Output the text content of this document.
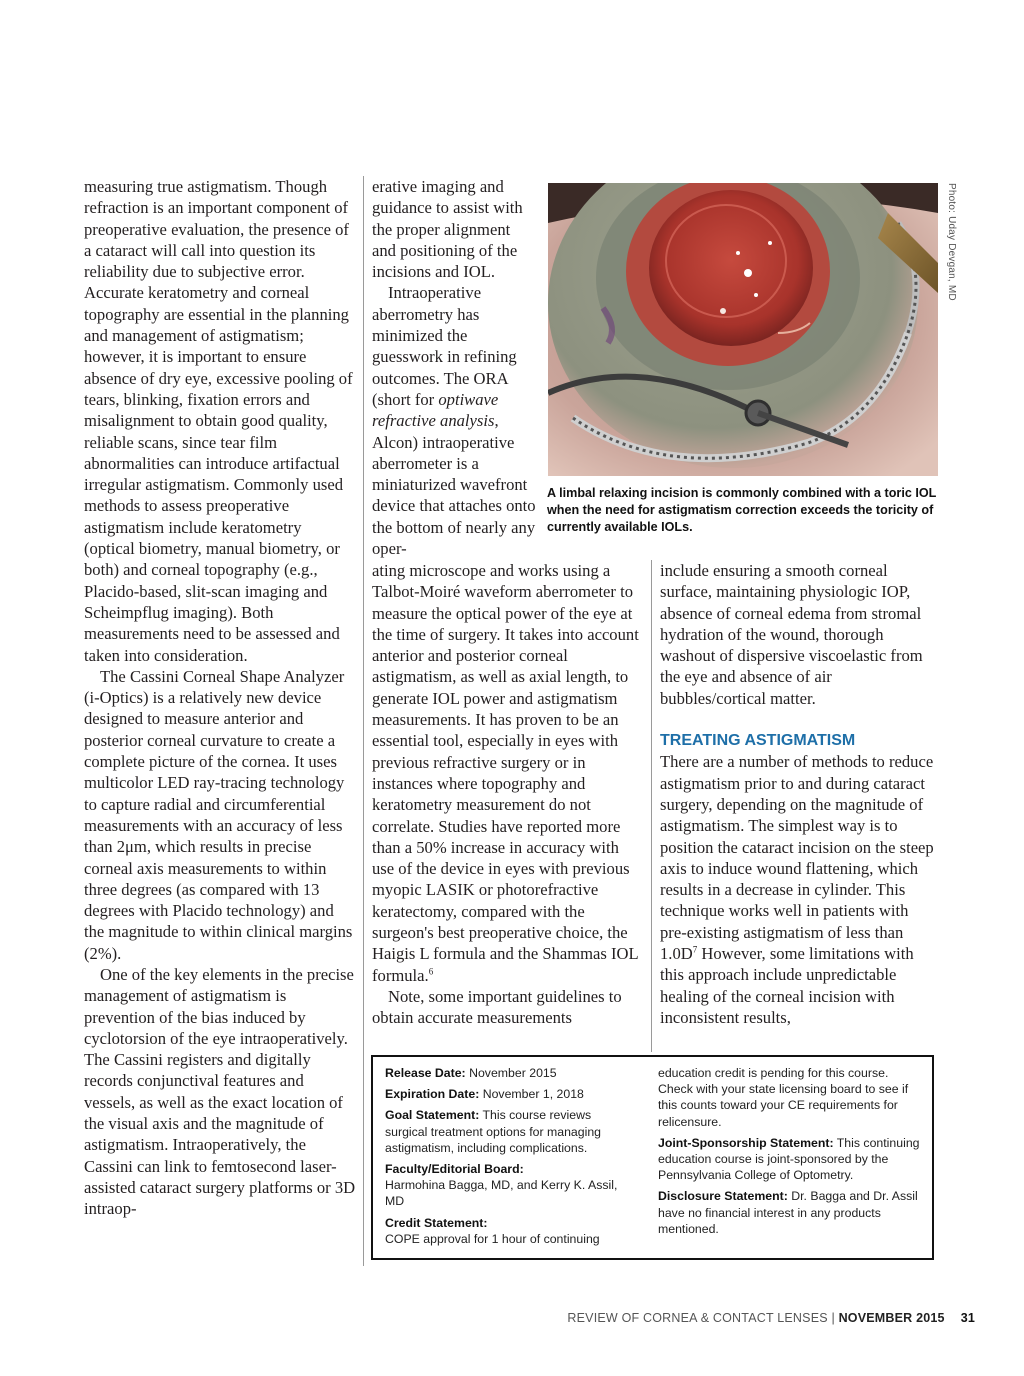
measuring true astigmatism. Though refraction is an important component of preoperative evaluation, the presence of a cataract will call into question its reliability due to subjective error. Accurate keratometry and corneal topography are essential in the planning and management of astigmatism; however, it is important to ensure absence of dry eye, excessive pooling of tears, blinking, fixation errors and misalignment to obtain good quality, reliable scans, since tear film abnormalities can introduce artifactual irregular astigmatism. Commonly used methods to assess preoperative astigmatism include keratometry (optical biometry, manual biometry, or both) and corneal topography (e.g., Placido-based, slit-scan imaging and Scheimpflug imaging). Both measurements need to be assessed and taken into consideration.

The Cassini Corneal Shape Analyzer (i-Optics) is a relatively new device designed to measure anterior and posterior corneal curvature to create a complete picture of the cornea. It uses multicolor LED ray-tracing technology to capture radial and circumferential measurements with an accuracy of less than 2μm, which results in precise corneal axis measurements to within three degrees (as compared with 13 degrees with Placido technology) and the magnitude to within clinical margins (2%).

One of the key elements in the precise management of astigmatism is prevention of the bias induced by cyclotorsion of the eye intraoperatively. The Cassini registers and digitally records conjunctival features and vessels, as well as the exact location of the visual axis and the magnitude of astigmatism. Intraoperatively, the Cassini can link to femtosecond laser-assisted cataract surgery platforms or 3D intraop-

erative imaging and guidance to assist with the proper alignment and positioning of the incisions and IOL.

Intraoperative aberrometry has minimized the guesswork in refining outcomes. The ORA (short for optiwave refractive analysis, Alcon) intraoperative aberrometer is a miniaturized wavefront device that attaches onto the bottom of nearly any oper-

ating microscope and works using a Talbot-Moiré waveform aberrometer to measure the optical power of the eye at the time of surgery. It takes into account anterior and posterior corneal astigmatism, as well as axial length, to generate IOL power and astigmatism measurements. It has proven to be an essential tool, especially in eyes with previous refractive surgery or in instances where topography and keratometry measurement do not correlate. Studies have reported more than a 50% increase in accuracy with use of the device in eyes with previous myopic LASIK or photorefractive keratectomy, compared with the surgeon's best preoperative choice, the Haigis L formula and the Shammas IOL formula.$^6$

Note, some important guidelines to obtain accurate measurements

include ensuring a smooth corneal surface, maintaining physiologic IOP, absence of corneal edema from stromal hydration of the wound, thorough washout of dispersive viscoelastic from the eye and absence of air bubbles/cortical matter.

TREATING ASTIGMATISM

There are a number of methods to reduce astigmatism prior to and during cataract surgery, depending on the magnitude of astigmatism. The simplest way is to position the cataract incision on the steep axis to induce wound flattening, which results in a decrease in cylinder. This technique works well in patients with pre-existing astigmatism of less than $1.0D^7$ However, some limitations with this approach include unpredictable healing of the corneal incision with inconsistent results,

Photo: Uday Devgan, MD
A limbal relaxing incision is commonly combined with a toric IOL when the need for astigmatism correction exceeds the toricity of currently available IOLs.
Release Date: November 2015
Expiration Date: November 1, 2018
Goal Statement: This course reviews surgical treatment options for managing astigmatism, including complications.
Faculty/Editorial Board:
Harmohina Bagga, MD, and Kerry K. Assil, MD
Credit Statement:
COPE approval for 1 hour of continuing
education credit is pending for this course. Check with your state licensing board to see if this counts toward your CE requirements for relicensure.
Joint-Sponsorship Statement: This continuing education course is joint-sponsored by the Pennsylvania College of Optometry.
Disclosure Statement: Dr. Bagga and Dr. Assil have no financial interest in any products mentioned.
REVIEW OF CORNEA & CONTACT LENSES | NOVEMBER 2015 31
